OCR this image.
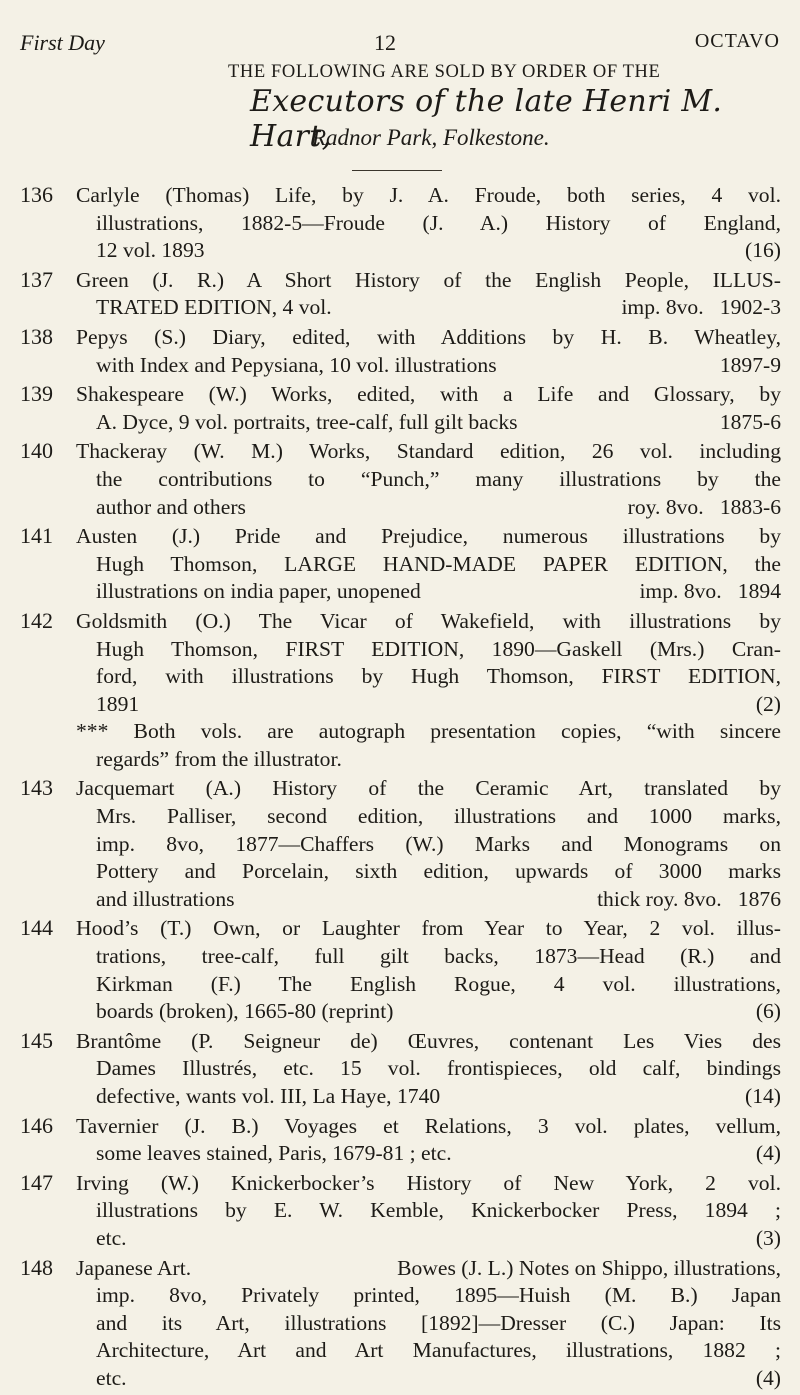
First Day	12	OCTAVO
THE FOLLOWING ARE SOLD BY ORDER OF THE
Executors of the late Henri M. Hart,
Radnor Park, Folkestone.
136	Carlyle (Thomas) Life, by J. A. Froude, both series, 4 vol.
illustrations, 1882-5—Froude (J. A.) History of England,
12 vol. 1893	(16)
137	Green (J. R.) A Short History of the English People, ILLUS-
TRATED EDITION, 4 vol.	imp. 8vo.   1902-3
138	Pepys (S.) Diary, edited, with Additions by H. B. Wheatley,
with Index and Pepysiana, 10 vol. illustrations	1897-9
139	Shakespeare (W.) Works, edited, with a Life and Glossary, by
A. Dyce, 9 vol. portraits, tree-calf, full gilt backs	1875-6
140	Thackeray (W. M.) Works, Standard edition, 26 vol. including
the contributions to “Punch,” many illustrations by the
author and others	roy. 8vo.   1883-6
141	Austen (J.) Pride and Prejudice, numerous illustrations by
Hugh Thomson, LARGE HAND-MADE PAPER EDITION, the
illustrations on india paper, unopened	imp. 8vo.   1894
142	Goldsmith (O.) The Vicar of Wakefield, with illustrations by
Hugh Thomson, FIRST EDITION, 1890—Gaskell (Mrs.) Cran-
ford, with illustrations by Hugh Thomson, FIRST EDITION,
1891	(2)
*** Both vols. are autograph presentation copies, “with sincere
regards” from the illustrator.
143	Jacquemart (A.) History of the Ceramic Art, translated by
Mrs. Palliser, second edition, illustrations and 1000 marks,
imp. 8vo, 1877—Chaffers (W.) Marks and Monograms on
Pottery and Porcelain, sixth edition, upwards of 3000 marks
and illustrations	thick roy. 8vo.   1876
144	Hood’s (T.) Own, or Laughter from Year to Year, 2 vol. illus-
trations, tree-calf, full gilt backs, 1873—Head (R.) and
Kirkman (F.) The English Rogue, 4 vol. illustrations,
boards (broken), 1665-80 (reprint)	(6)
145	Brantôme (P. Seigneur de) Œuvres, contenant Les Vies des
Dames Illustrés, etc. 15 vol. frontispieces, old calf, bindings
defective, wants vol. III, La Haye, 1740	(14)
146	Tavernier (J. B.) Voyages et Relations, 3 vol. plates, vellum,
some leaves stained, Paris, 1679-81 ; etc.	(4)
147	Irving (W.) Knickerbocker’s History of New York, 2 vol.
illustrations by E. W. Kemble, Knickerbocker Press, 1894 ;
etc.	(3)
148	Japanese Art.	Bowes (J. L.) Notes on Shippo, illustrations,
imp. 8vo, Privately printed, 1895—Huish (M. B.) Japan
and its Art, illustrations [1892]—Dresser (C.) Japan: Its
Architecture, Art and Art Manufactures, illustrations, 1882 ;
etc.	(4)
